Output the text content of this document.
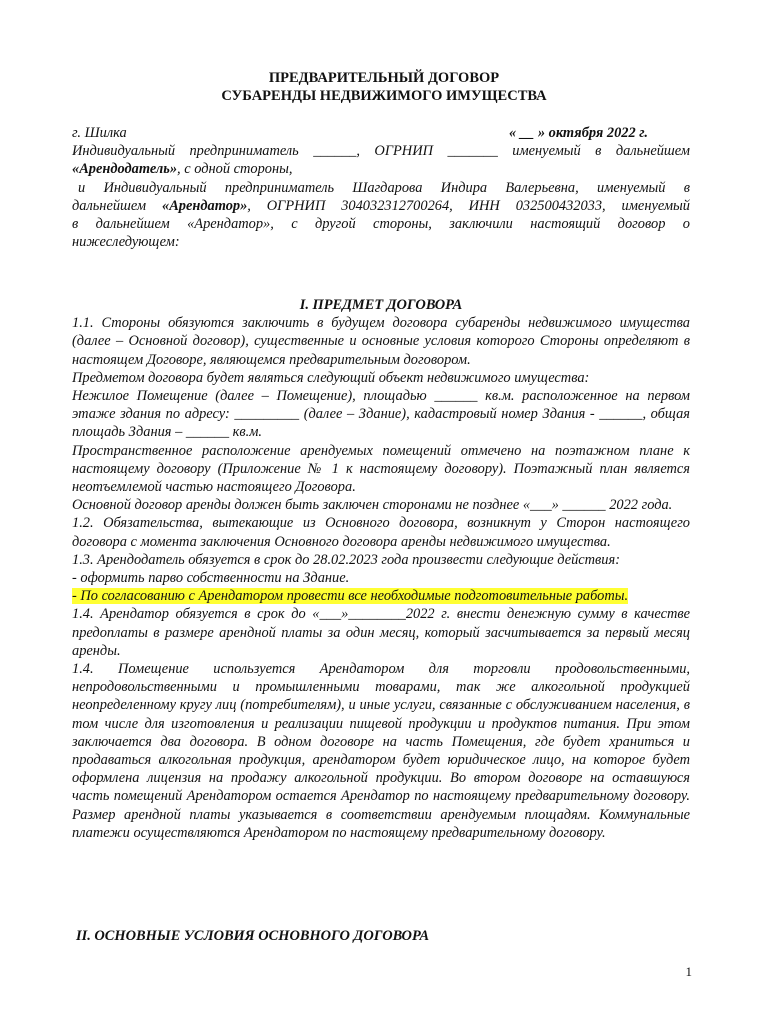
ПРЕДВАРИТЕЛЬНЫЙ ДОГОВОР
СУБАРЕНДЫ НЕДВИЖИМОГО ИМУЩЕСТВА
г. Шилка	« __ » октября 2022 г.

Индивидуальный предприниматель ______, ОГРНИП _______ именуемый в дальнейшем

«Арендодатель», с одной стороны,

и Индивидуальный предприниматель Шагдарова Индира Валерьевна, именуемый в

дальнейшем «Арендатор», ОГРНИП 304032312700264, ИНН 032500432033, именуемый

в дальнейшем «Арендатор», с другой стороны, заключили настоящий договор о

нижеследующем:

I. ПРЕДМЕТ ДОГОВОРА

1.1. Стороны обязуются заключить в будущем договора субаренды недвижимого имущества (далее – Основной договор), существенные и основные условия которого Стороны определяют в настоящем Договоре, являющемся предварительным договором.

Предметом договора будет являться следующий объект недвижимого имущества:

Нежилое Помещение (далее – Помещение), площадью ______ кв.м. расположенное на первом этаже здания по адресу: _________ (далее – Здание), кадастровый номер Здания - ______, общая площадь Здания – ______ кв.м.

Пространственное расположение арендуемых помещений отмечено на поэтажном плане к настоящему договору (Приложение № 1 к настоящему договору). Поэтажный план является неотъемлемой частью настоящего Договора.

Основной договор аренды должен быть заключен сторонами не позднее «___» ______ 2022 года.

1.2. Обязательства, вытекающие из Основного договора, возникнут у Сторон настоящего договора с момента заключения Основного договора аренды недвижимого имущества.

1.3. Арендодатель обязуется в срок до 28.02.2023 года произвести следующие действия:

- оформить парво собственности на Здание.

- По согласованию с Арендатором провести все необходимые подготовительные работы.

1.4. Арендатор обязуется в срок до «___»________2022 г. внести денежную сумму в качестве предоплаты в размере арендной платы за один месяц, который засчитывается за первый месяц аренды.

1.4. Помещение используется Арендатором для торговли продовольственными, непродовольственными и промышленными товарами, так же алкогольной продукцией неопределенному кругу лиц (потребителям), и иные услуги, связанные с обслуживанием населения, в том числе для изготовления и реализации пищевой продукции и продуктов питания. При этом заключается два договора. В одном договоре на часть Помещения, где будет храниться и продаваться алкогольная продукция, арендатором будет юридическое лицо, на которое будет оформлена лицензия на продажу алкогольной продукции. Во втором договоре на оставшуюся часть помещений Арендатором остается Арендатор по настоящему предварительному договору. Размер арендной платы указывается в соответствии арендуемым площадям. Коммунальные платежи осуществляются Арендатором по настоящему предварительному договору.

II. ОСНОВНЫЕ УСЛОВИЯ ОСНОВНОГО ДОГОВОРА
1
